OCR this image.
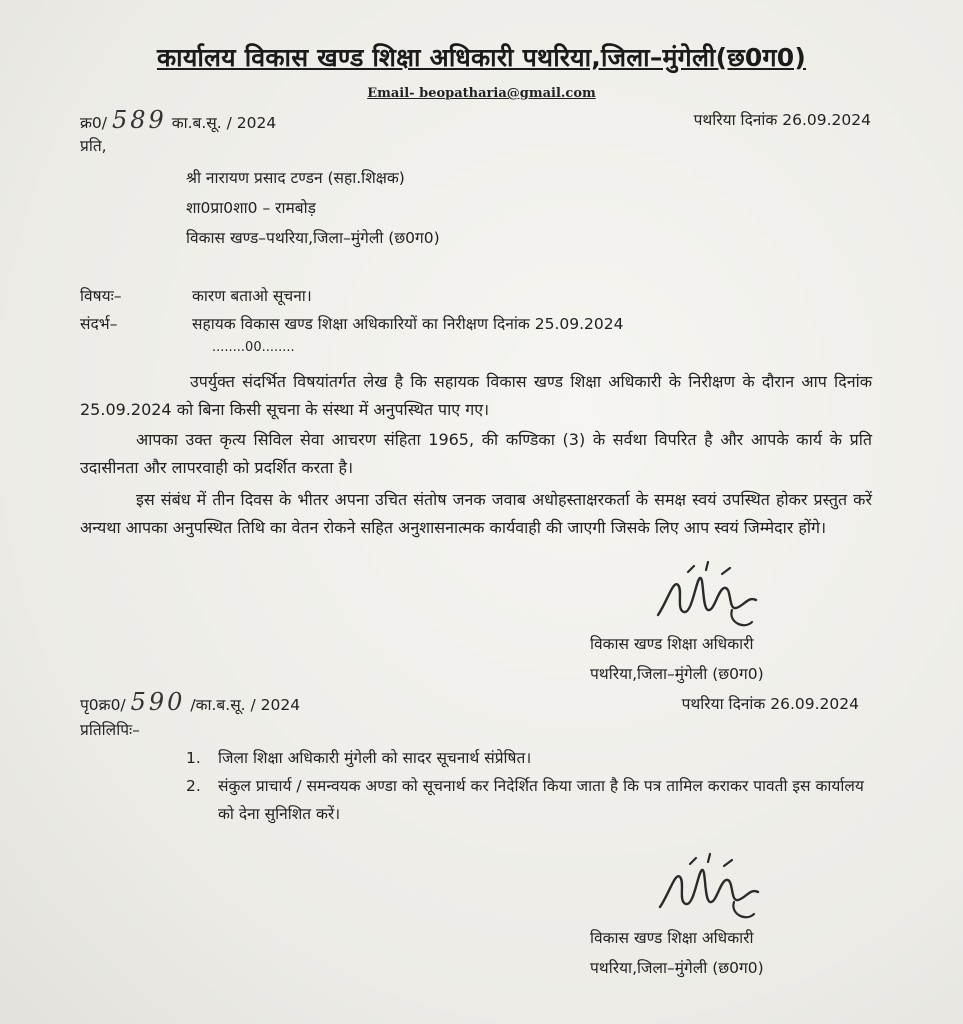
कार्यालय विकास खण्ड शिक्षा अधिकारी पथरिया,जिला–मुंगेली(छ0ग0)
Email- beopatharia@gmail.com
क्र0/ 589 का.ब.सू. / 2024	पथरिया दिनांक 26.09.2024
प्रति,
श्री नारायण प्रसाद टण्डन (सहा.शिक्षक)
शा0प्रा0शा0 – रामबोड़
विकास खण्ड–पथरिया,जिला–मुंगेली (छ0ग0)
विषयः–	कारण बताओ सूचना।
संदर्भ–	सहायक विकास खण्ड शिक्षा अधिकारियों का निरीक्षण दिनांक 25.09.2024
........00........
उपर्युक्त संदर्भित विषयांतर्गत लेख है कि सहायक विकास खण्ड शिक्षा अधिकारी के निरीक्षण के दौरान आप दिनांक 25.09.2024 को बिना किसी सूचना के संस्था में अनुपस्थित पाए गए।
आपका उक्त कृत्य सिविल सेवा आचरण संहिता 1965, की कण्डिका (3) के सर्वथा विपरित है और आपके कार्य के प्रति उदासीनता और लापरवाही को प्रदर्शित करता है।
इस संबंध में तीन दिवस के भीतर अपना उचित संतोष जनक जवाब अधोहस्ताक्षरकर्ता के समक्ष स्वयं उपस्थित होकर प्रस्तुत करें अन्यथा आपका अनुपस्थित तिथि का वेतन रोकने सहित अनुशासनात्मक कार्यवाही की जाएगी जिसके लिए आप स्वयं जिम्मेदार होंगे।
विकास खण्ड शिक्षा अधिकारी
पथरिया,जिला–मुंगेली (छ0ग0)
पृ0क्र0/ 590 /का.ब.सू. / 2024	पथरिया दिनांक 26.09.2024
प्रतिलिपिः–
1.	जिला शिक्षा अधिकारी मुंगेली को सादर सूचनार्थ संप्रेषित।
2.	संकुल प्राचार्य / समन्वयक अण्डा को सूचनार्थ कर निदेर्शित किया जाता है कि पत्र तामिल कराकर पावती इस कार्यालय को देना सुनिशित करें।
विकास खण्ड शिक्षा अधिकारी
पथरिया,जिला–मुंगेली (छ0ग0)
